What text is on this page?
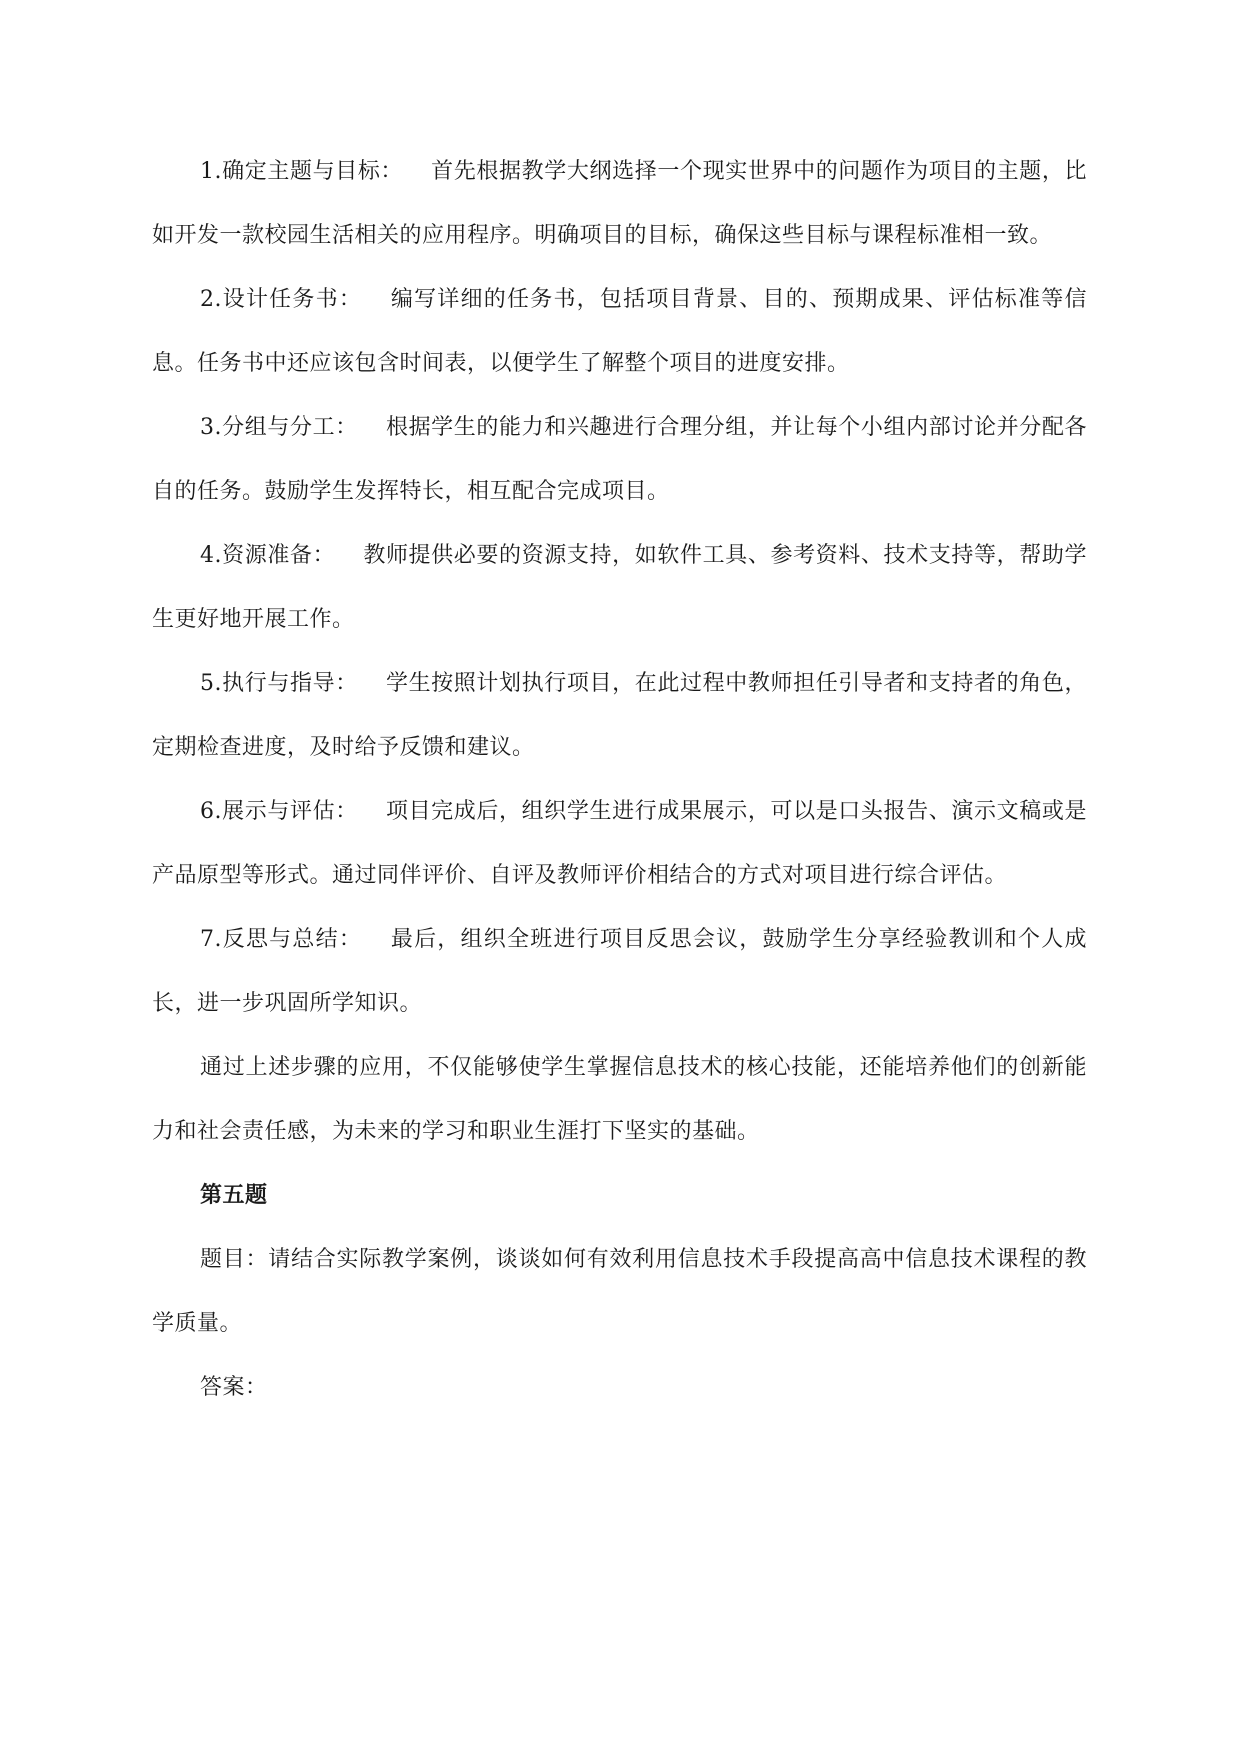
1.确定主题与目标： 首先根据教学大纲选择一个现实世界中的问题作为项目的主题，比如开发一款校园生活相关的应用程序。明确项目的目标，确保这些目标与课程标准相一致。

2.设计任务书： 编写详细的任务书，包括项目背景、目的、预期成果、评估标准等信息。任务书中还应该包含时间表，以便学生了解整个项目的进度安排。

3.分组与分工： 根据学生的能力和兴趣进行合理分组，并让每个小组内部讨论并分配各自的任务。鼓励学生发挥特长，相互配合完成项目。

4.资源准备： 教师提供必要的资源支持，如软件工具、参考资料、技术支持等，帮助学生更好地开展工作。

5.执行与指导： 学生按照计划执行项目，在此过程中教师担任引导者和支持者的角色，定期检查进度，及时给予反馈和建议。

6.展示与评估： 项目完成后，组织学生进行成果展示，可以是口头报告、演示文稿或是产品原型等形式。通过同伴评价、自评及教师评价相结合的方式对项目进行综合评估。

7.反思与总结： 最后，组织全班进行项目反思会议，鼓励学生分享经验教训和个人成长，进一步巩固所学知识。

通过上述步骤的应用，不仅能够使学生掌握信息技术的核心技能，还能培养他们的创新能力和社会责任感，为未来的学习和职业生涯打下坚实的基础。

第五题

题目：请结合实际教学案例，谈谈如何有效利用信息技术手段提高高中信息技术课程的教学质量。

答案：
